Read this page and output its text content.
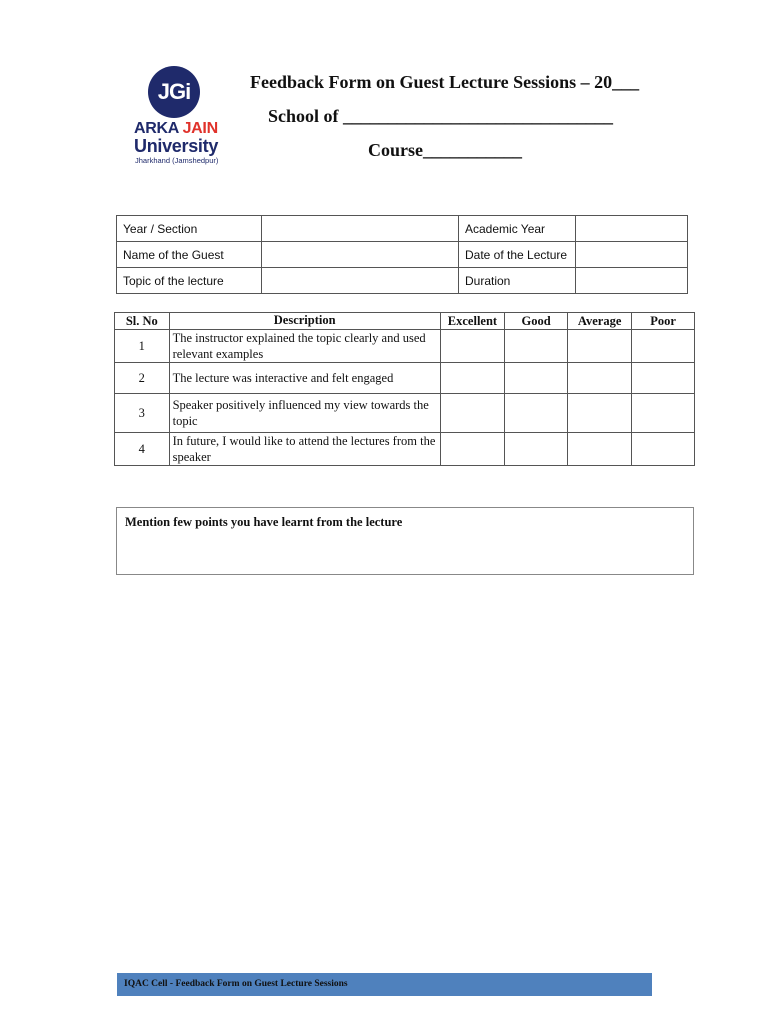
JGi
ARKA JAIN
University
Jharkhand (Jamshedpur)
Feedback Form on Guest Lecture Sessions – 20___
School of ______________________________
Course___________
Year / Section		Academic Year	
Name of the Guest		Date of the Lecture	
Topic of the lecture		Duration	
Sl. No	Description	Excellent	Good	Average	Poor
1	The instructor explained the topic clearly and used relevant examples				
2	The lecture was interactive and felt engaged				
3	Speaker positively influenced my view towards the topic				
4	In future, I would like to attend the lectures from the speaker				
Mention few points you have learnt from the lecture
IQAC Cell - Feedback Form on Guest Lecture Sessions
